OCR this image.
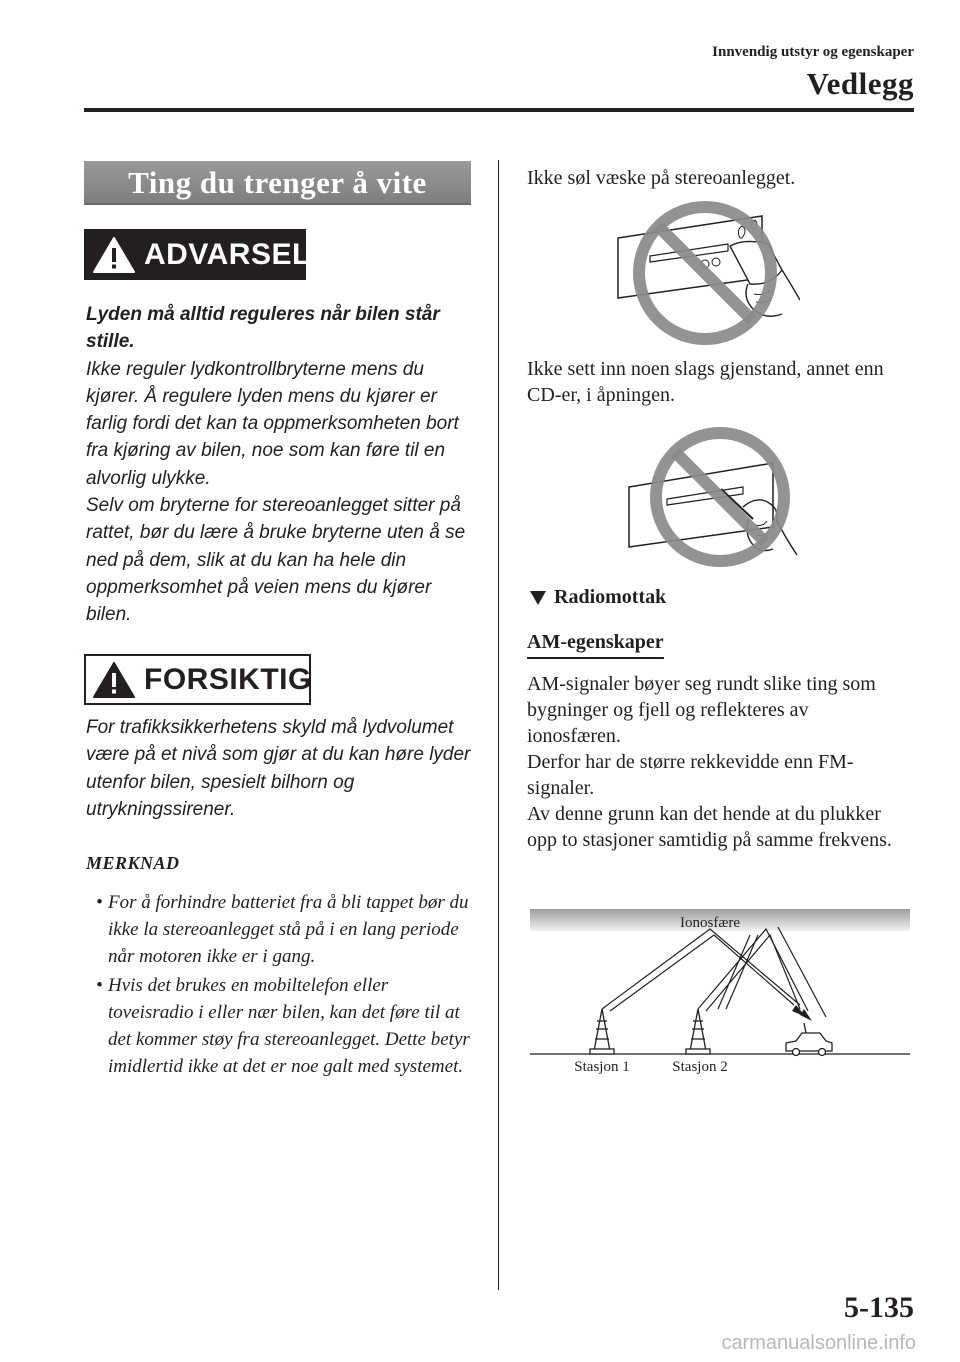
Innvendig utstyr og egenskaper
Vedlegg
Ting du trenger å vite
ADVARSEL

Lyden må alltid reguleres når bilen står stille.

Ikke reguler lydkontrollbryterne mens du kjører. Å regulere lyden mens du kjører er farlig fordi det kan ta oppmerksomheten bort fra kjøring av bilen, noe som kan føre til en alvorlig ulykke.

Selv om bryterne for stereoanlegget sitter på rattet, bør du lære å bruke bryterne uten å se ned på dem, slik at du kan ha hele din oppmerksomhet på veien mens du kjører bilen.

FORSIKTIG

For trafikksikkerhetens skyld må lydvolumet være på et nivå som gjør at du kan høre lyder utenfor bilen, spesielt bilhorn og utrykningssirener.

MERKNAD
• For å forhindre batteriet fra å bli tappet bør du ikke la stereoanlegget stå på i en lang periode når motoren ikke er i gang.
• Hvis det brukes en mobiltelefon eller toveisradio i eller nær bilen, kan det føre til at det kommer støy fra stereoanlegget. Dette betyr imidlertid ikke at det er noe galt med systemet.

Ikke søl væske på stereoanlegget.

Ikke sett inn noen slags gjenstand, annet enn CD-er, i åpningen.

Radiomottak
AM-egenskaper

AM-signaler bøyer seg rundt slike ting som bygninger og fjell og reflekteres av ionosfæren.

Derfor har de større rekkevidde enn FM-signaler.

Av denne grunn kan det hende at du plukker opp to stasjoner samtidig på samme frekvens.

Ionosfære
Stasjon 1	Stasjon 2
5-135
carmanualsonline.info
